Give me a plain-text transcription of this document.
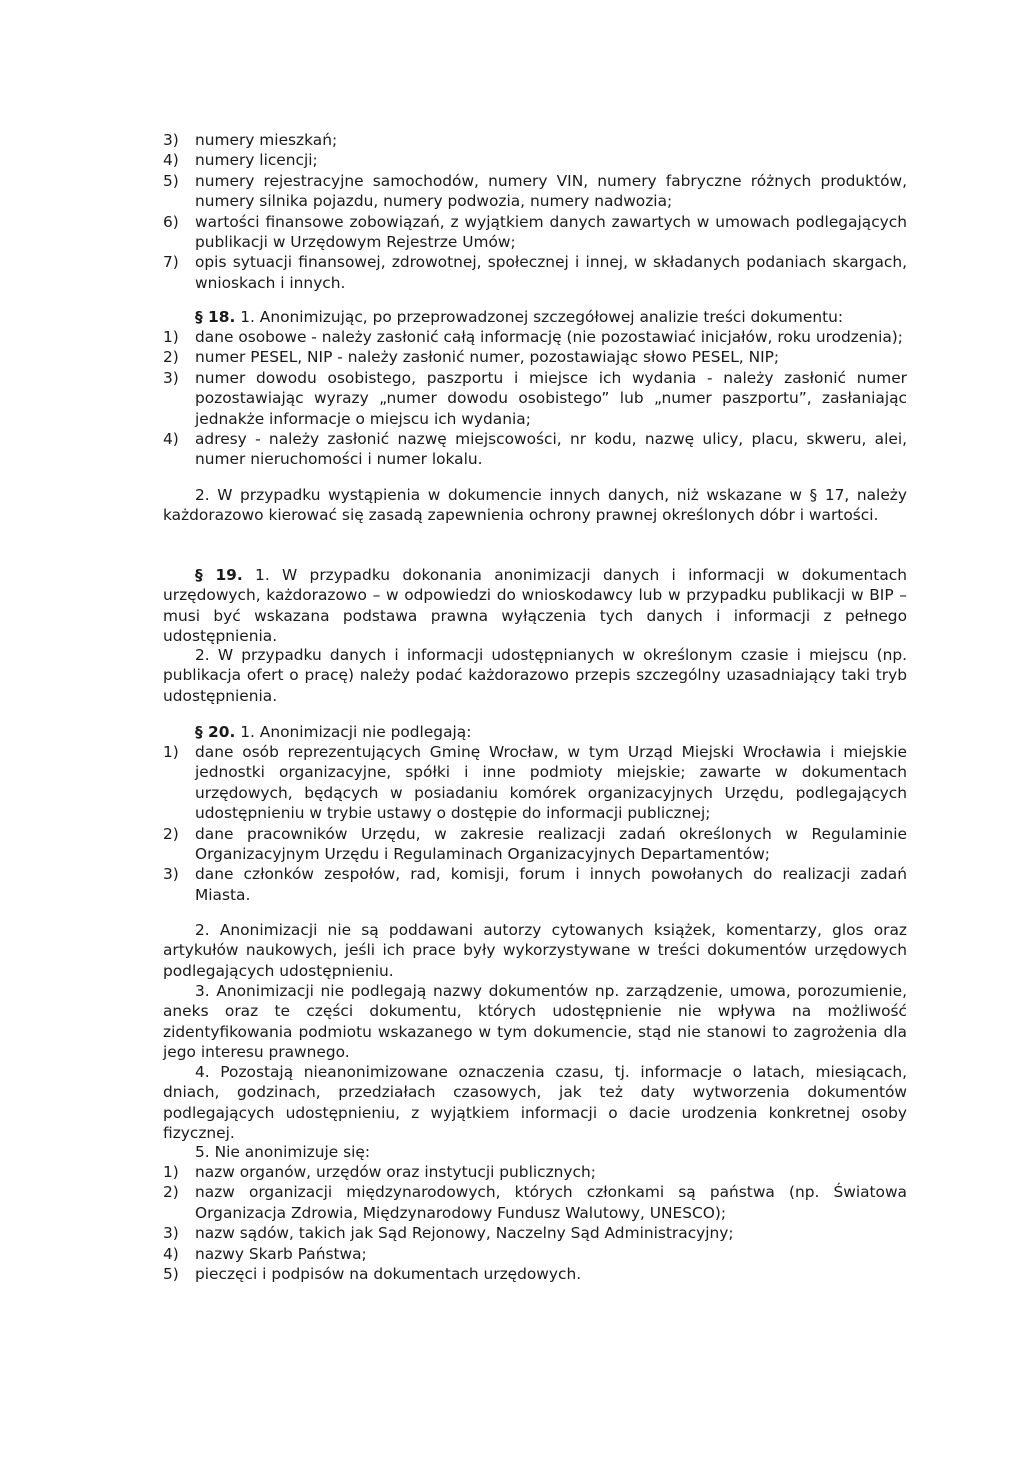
3)	numery mieszkań;
4)	numery licencji;
5)	numery rejestracyjne samochodów, numery VIN, numery fabryczne różnych produktów, numery silnika pojazdu, numery podwozia, numery nadwozia;
6)	wartości finansowe zobowiązań, z wyjątkiem danych zawartych w umowach podlegających publikacji w Urzędowym Rejestrze Umów;
7)	opis sytuacji finansowej, zdrowotnej, społecznej i innej, w składanych podaniach skargach, wnioskach i innych.

§ 18. 1. Anonimizując, po przeprowadzonej szczegółowej analizie treści dokumentu:

1)	dane osobowe - należy zasłonić całą informację (nie pozostawiać inicjałów, roku urodzenia);
2)	numer PESEL, NIP - należy zasłonić numer, pozostawiając słowo PESEL, NIP;
3)	numer dowodu osobistego, paszportu i miejsce ich wydania - należy zasłonić numer pozostawiając wyrazy „numer dowodu osobistego” lub „numer paszportu”, zasłaniając jednakże informacje o miejscu ich wydania;
4)	adresy - należy zasłonić nazwę miejscowości, nr kodu, nazwę ulicy, placu, skweru, alei, numer nieruchomości i numer lokalu.

2. W przypadku wystąpienia w dokumencie innych danych, niż wskazane w § 17, należy każdorazowo kierować się zasadą zapewnienia ochrony prawnej określonych dóbr i wartości.

§ 19. 1. W przypadku dokonania anonimizacji danych i informacji w dokumentach urzędowych, każdorazowo – w odpowiedzi do wnioskodawcy lub w przypadku publikacji w BIP – musi być wskazana podstawa prawna wyłączenia tych danych i informacji z pełnego udostępnienia.

2. W przypadku danych i informacji udostępnianych w określonym czasie i miejscu (np. publikacja ofert o pracę) należy podać każdorazowo przepis szczególny uzasadniający taki tryb udostępnienia.

§ 20. 1. Anonimizacji nie podlegają:

1)	dane osób reprezentujących Gminę Wrocław, w tym Urząd Miejski Wrocławia i miejskie jednostki organizacyjne, spółki i inne podmioty miejskie; zawarte w dokumentach urzędowych, będących w posiadaniu komórek organizacyjnych Urzędu, podlegających udostępnieniu w trybie ustawy o dostępie do informacji publicznej;
2)	dane pracowników Urzędu, w zakresie realizacji zadań określonych w Regulaminie Organizacyjnym Urzędu i Regulaminach Organizacyjnych Departamentów;
3)	dane członków zespołów, rad, komisji, forum i innych powołanych do realizacji zadań Miasta.

2. Anonimizacji nie są poddawani autorzy cytowanych książek, komentarzy, glos oraz artykułów naukowych, jeśli ich prace były wykorzystywane w treści dokumentów urzędowych podlegających udostępnieniu.

3. Anonimizacji nie podlegają nazwy dokumentów np. zarządzenie, umowa, porozumienie, aneks oraz te części dokumentu, których udostępnienie nie wpływa na możliwość zidentyfikowania podmiotu wskazanego w tym dokumencie, stąd nie stanowi to zagrożenia dla jego interesu prawnego.

4. Pozostają nieanonimizowane oznaczenia czasu, tj. informacje o latach, miesiącach, dniach, godzinach, przedziałach czasowych, jak też daty wytworzenia dokumentów podlegających udostępnieniu, z wyjątkiem informacji o dacie urodzenia konkretnej osoby fizycznej.

5. Nie anonimizuje się:

1)	nazw organów, urzędów oraz instytucji publicznych;
2)	nazw organizacji międzynarodowych, których członkami są państwa (np. Światowa Organizacja Zdrowia, Międzynarodowy Fundusz Walutowy, UNESCO);
3)	nazw sądów, takich jak Sąd Rejonowy, Naczelny Sąd Administracyjny;
4)	nazwy Skarb Państwa;
5)	pieczęci i podpisów na dokumentach urzędowych.
